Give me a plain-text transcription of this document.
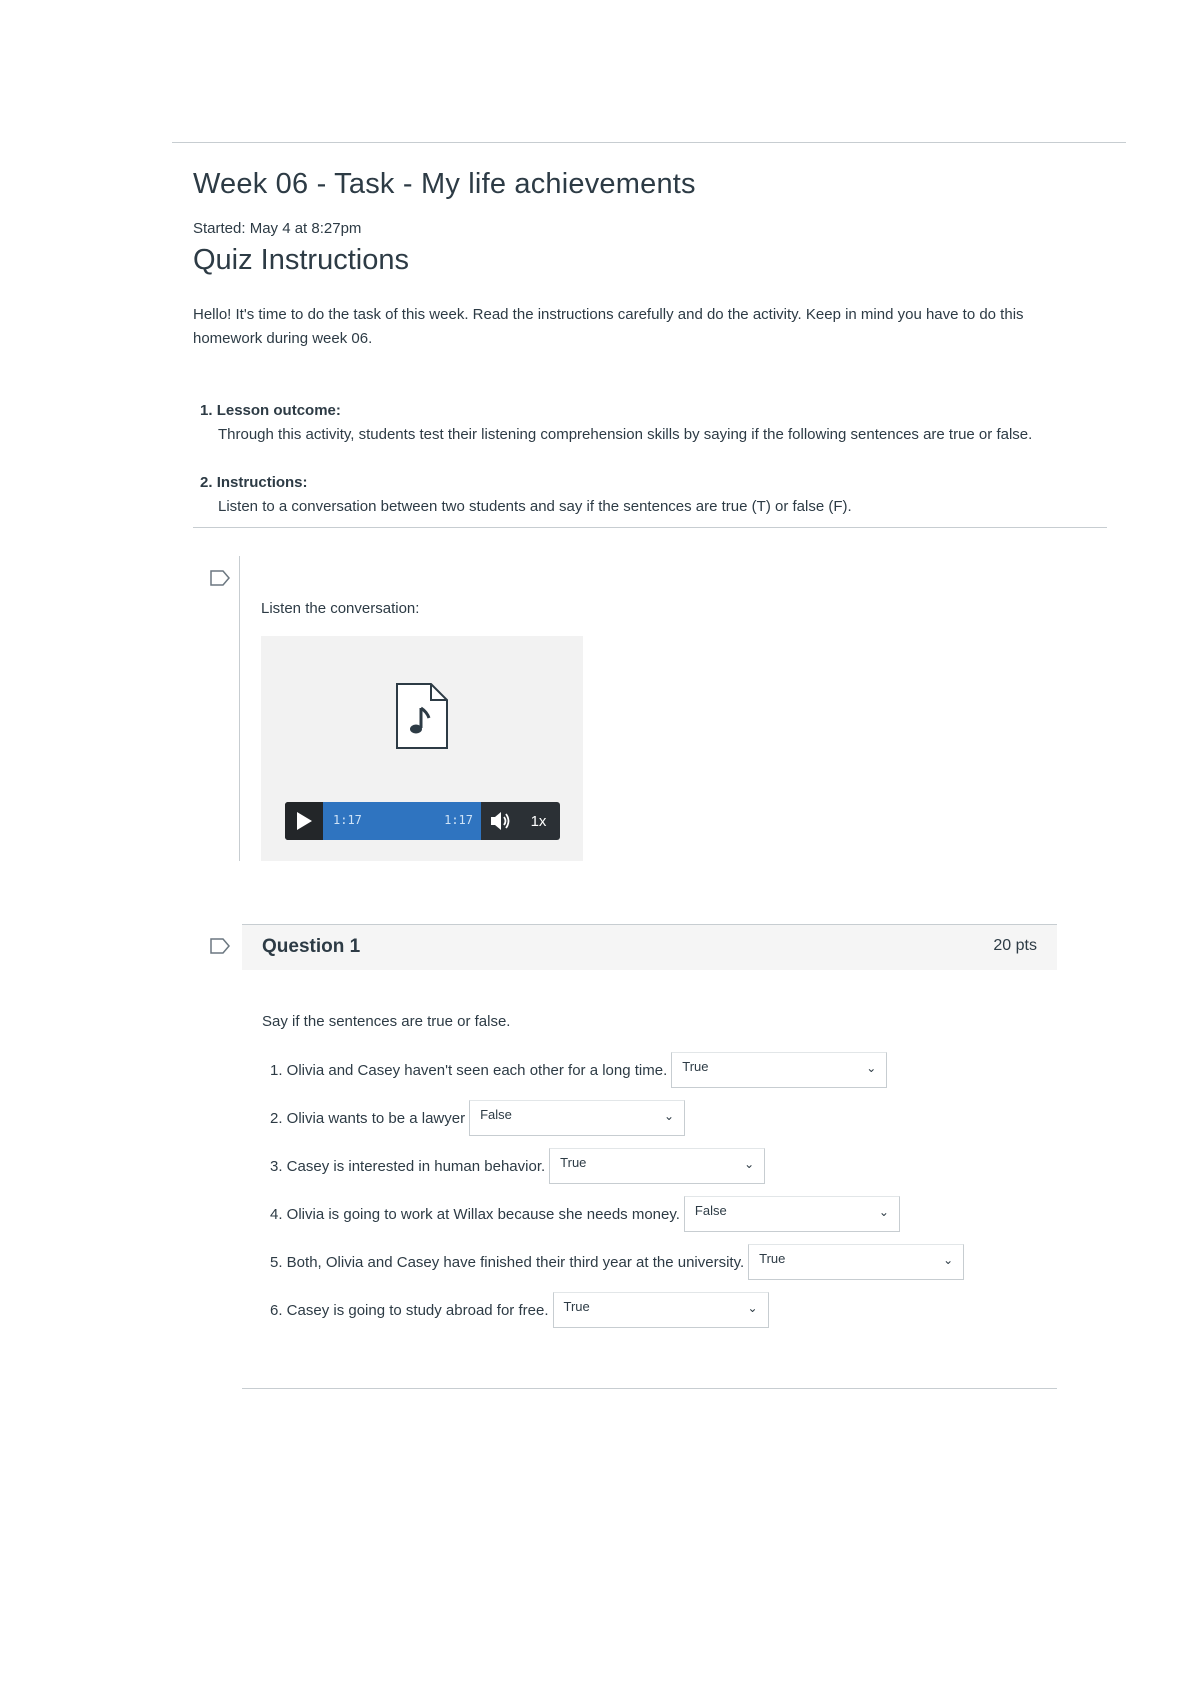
Week 06 - Task - My life achievements
Started: May 4 at 8:27pm
Quiz Instructions

Hello! It's time to do the task of this week. Read the instructions carefully and do the activity. Keep in mind you have to do this homework during week 06.

1. Lesson outcome:
Through this activity, students test their listening comprehension skills by saying if the following sentences are true or false.
2. Instructions:
Listen to a conversation between two students and say if the sentences are true (T) or false (F).
Listen the conversation:
1:17	1:17	1x
Question 1	20 pts
Say if the sentences are true or false.
1. Olivia and Casey haven't seen each other for a long time. True	⌄
2. Olivia wants to be a lawyer False	⌄
3. Casey is interested in human behavior. True	⌄
4. Olivia is going to work at Willax because she needs money. False	⌄
5. Both, Olivia and Casey have finished their third year at the university. True	⌄
6. Casey is going to study abroad for free. True	⌄
